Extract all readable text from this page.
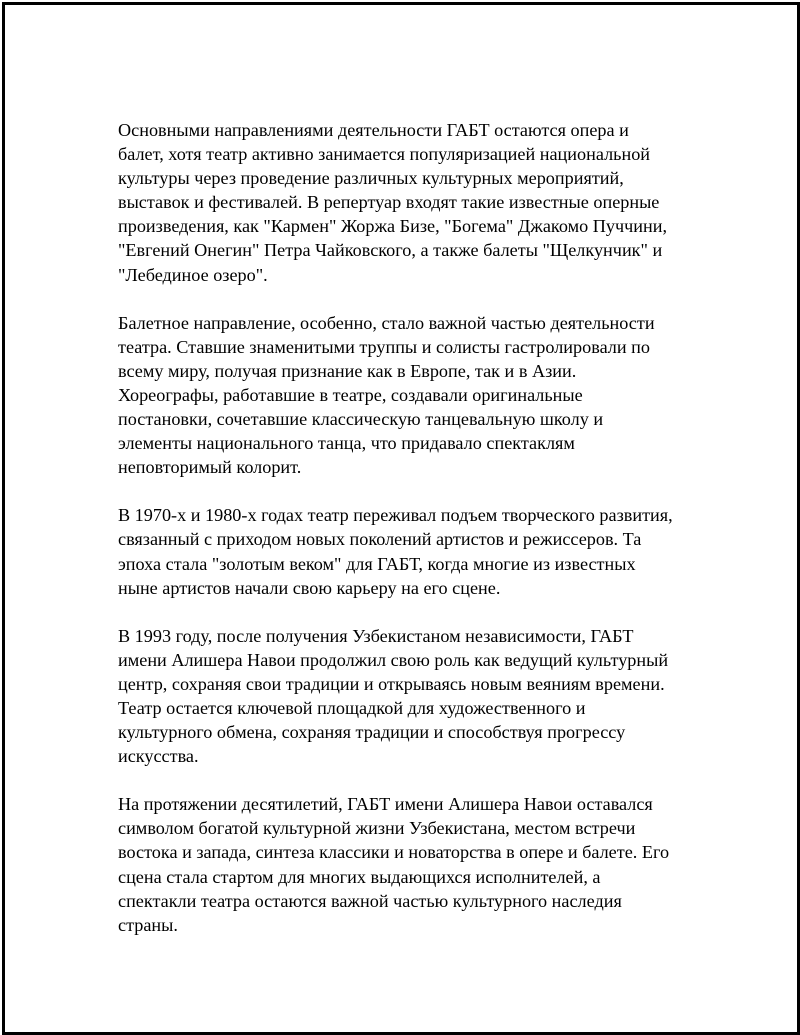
Основными направлениями деятельности ГАБТ остаются опера и
балет, хотя театр активно занимается популяризацией национальной
культуры через проведение различных культурных мероприятий,
выставок и фестивалей. В репертуар входят такие известные оперные
произведения, как "Кармен" Жоржа Бизе, "Богема" Джакомо Пуччини,
"Евгений Онегин" Петра Чайковского, а также балеты "Щелкунчик" и
"Лебединое озеро".

Балетное направление, особенно, стало важной частью деятельности
театра. Ставшие знаменитыми труппы и солисты гастролировали по
всему миру, получая признание как в Европе, так и в Азии.
Хореографы, работавшие в театре, создавали оригинальные
постановки, сочетавшие классическую танцевальную школу и
элементы национального танца, что придавало спектаклям
неповторимый колорит.

В 1970-х и 1980-х годах театр переживал подъем творческого развития,
связанный с приходом новых поколений артистов и режиссеров. Та
эпоха стала "золотым веком" для ГАБТ, когда многие из известных
ныне артистов начали свою карьеру на его сцене.

В 1993 году, после получения Узбекистаном независимости, ГАБТ
имени Алишера Навои продолжил свою роль как ведущий культурный
центр, сохраняя свои традиции и открываясь новым веяниям времени.
Театр остается ключевой площадкой для художественного и
культурного обмена, сохраняя традиции и способствуя прогрессу
искусства.

На протяжении десятилетий, ГАБТ имени Алишера Навои оставался
символом богатой культурной жизни Узбекистана, местом встречи
востока и запада, синтеза классики и новаторства в опере и балете. Его
сцена стала стартом для многих выдающихся исполнителей, а
спектакли театра остаются важной частью культурного наследия
страны.
